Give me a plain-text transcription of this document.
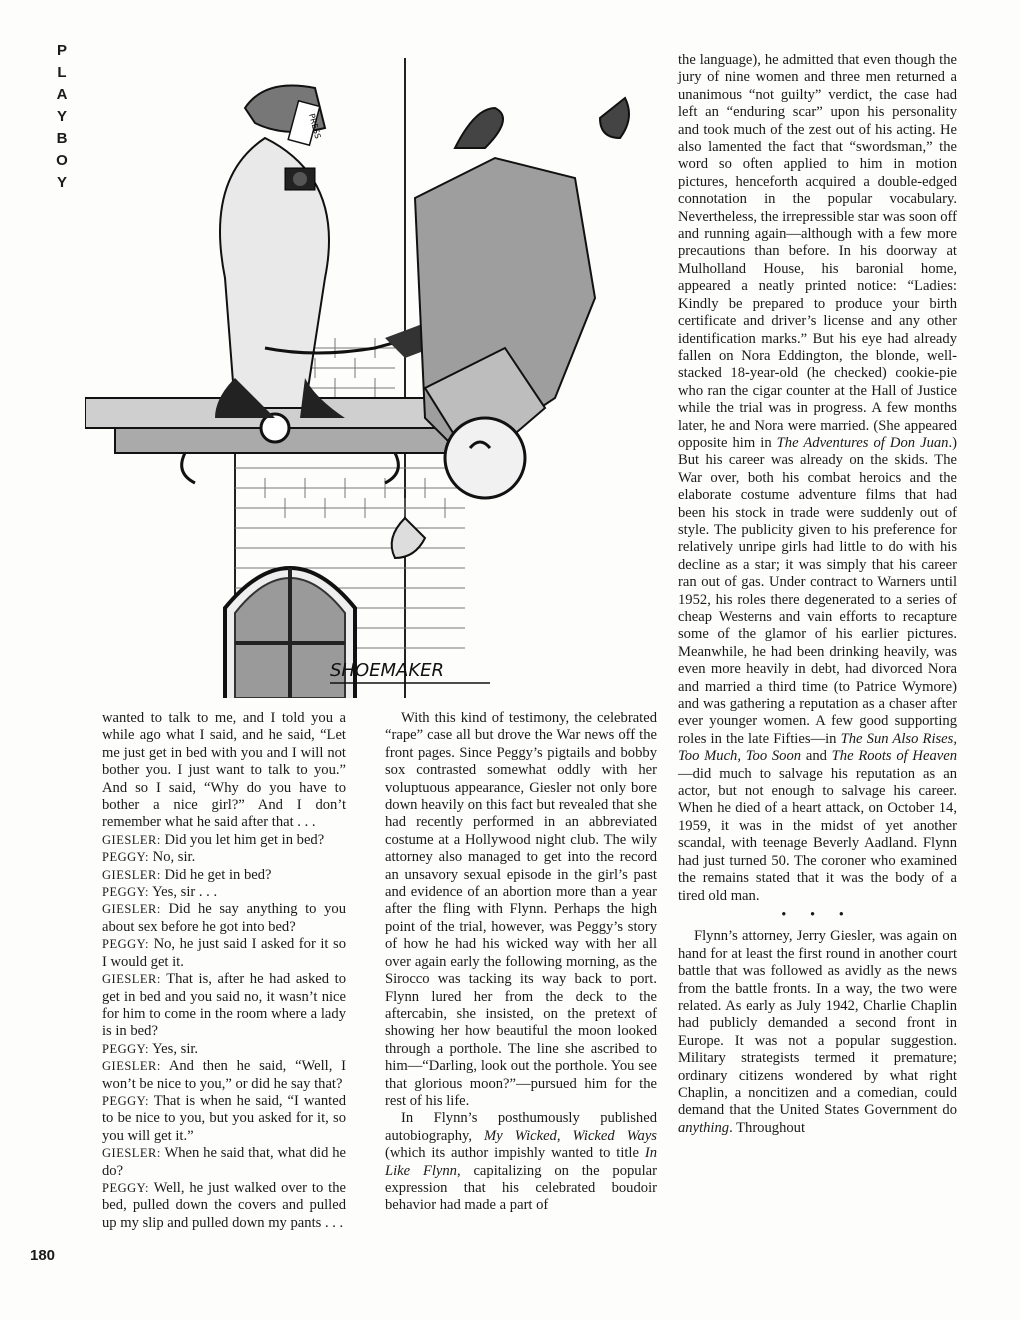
P
L
A
Y
B
O
Y
PRESS
SHOEMAKER

wanted to talk to me, and I told you a while ago what I said, and he said, “Let me just get in bed with you and I will not bother you. I just want to talk to you.” And so I said, “Why do you have to bother a nice girl?” And I don’t remember what he said after that . . .

GIESLER: Did you let him get in bed?

PEGGY: No, sir.

GIESLER: Did he get in bed?

PEGGY: Yes, sir . . .

GIESLER: Did he say anything to you about sex before he got into bed?

PEGGY: No, he just said I asked for it so I would get it.

GIESLER: That is, after he had asked to get in bed and you said no, it wasn’t nice for him to come in the room where a lady is in bed?

PEGGY: Yes, sir.

GIESLER: And then he said, “Well, I won’t be nice to you,” or did he say that?

PEGGY: That is when he said, “I wanted to be nice to you, but you asked for it, so you will get it.”

GIESLER: When he said that, what did he do?

PEGGY: Well, he just walked over to the bed, pulled down the covers and pulled up my slip and pulled down my pants . . .

With this kind of testimony, the celebrated “rape” case all but drove the War news off the front pages. Since Peggy’s pigtails and bobby sox contrasted somewhat oddly with her voluptuous appearance, Giesler not only bore down heavily on this fact but revealed that she had recently performed in an abbreviated costume at a Hollywood night club. The wily attorney also managed to get into the record an unsavory sexual episode in the girl’s past and evidence of an abortion more than a year after the fling with Flynn. Perhaps the high point of the trial, however, was Peggy’s story of how he had his wicked way with her all over again early the following morning, as the Sirocco was tacking its way back to port. Flynn lured her from the deck to the aftercabin, she insisted, on the pretext of showing her how beautiful the moon looked through a porthole. The line she ascribed to him—“Darling, look out the porthole. You see that glorious moon?”—pursued him for the rest of his life.

In Flynn’s posthumously published autobiography, My Wicked, Wicked Ways (which its author impishly wanted to title In Like Flynn, capitalizing on the popular expression that his celebrated boudoir behavior had made a part of

the language), he admitted that even though the jury of nine women and three men returned a unanimous “not guilty” verdict, the case had left an “enduring scar” upon his personality and took much of the zest out of his acting. He also lamented the fact that “swordsman,” the word so often applied to him in motion pictures, henceforth acquired a double-edged connotation in the popular vocabulary. Nevertheless, the irrepressible star was soon off and running again—although with a few more precautions than before. In his doorway at Mulholland House, his baronial home, appeared a neatly printed notice: “Ladies: Kindly be prepared to produce your birth certificate and driver’s license and any other identification marks.” But his eye had already fallen on Nora Eddington, the blonde, well-stacked 18-year-old (he checked) cookie-pie who ran the cigar counter at the Hall of Justice while the trial was in progress. A few months later, he and Nora were married. (She appeared opposite him in The Adventures of Don Juan.) But his career was already on the skids. The War over, both his combat heroics and the elaborate costume adventure films that had been his stock in trade were suddenly out of style. The publicity given to his preference for relatively unripe girls had little to do with his decline as a star; it was simply that his career ran out of gas. Under contract to Warners until 1952, his roles there degenerated to a series of cheap Westerns and vain efforts to recapture some of the glamor of his earlier pictures. Meanwhile, he had been drinking heavily, was even more heavily in debt, had divorced Nora and married a third time (to Patrice Wymore) and was gathering a reputation as a chaser after ever younger women. A few good supporting roles in the late Fifties—in The Sun Also Rises, Too Much, Too Soon and The Roots of Heaven—did much to salvage his reputation as an actor, but not enough to salvage his career. When he died of a heart attack, on October 14, 1959, it was in the midst of yet another scandal, with teenage Beverly Aadland. Flynn had just turned 50. The coroner who examined the remains stated that it was the body of a tired old man.

• • •

Flynn’s attorney, Jerry Giesler, was again on hand for at least the first round in another court battle that was followed as avidly as the news from the battle fronts. In a way, the two were related. As early as July 1942, Charlie Chaplin had publicly demanded a second front in Europe. It was not a popular suggestion. Military strategists termed it premature; ordinary citizens wondered by what right Chaplin, a noncitizen and a comedian, could demand that the United States Government do anything. Throughout

180
